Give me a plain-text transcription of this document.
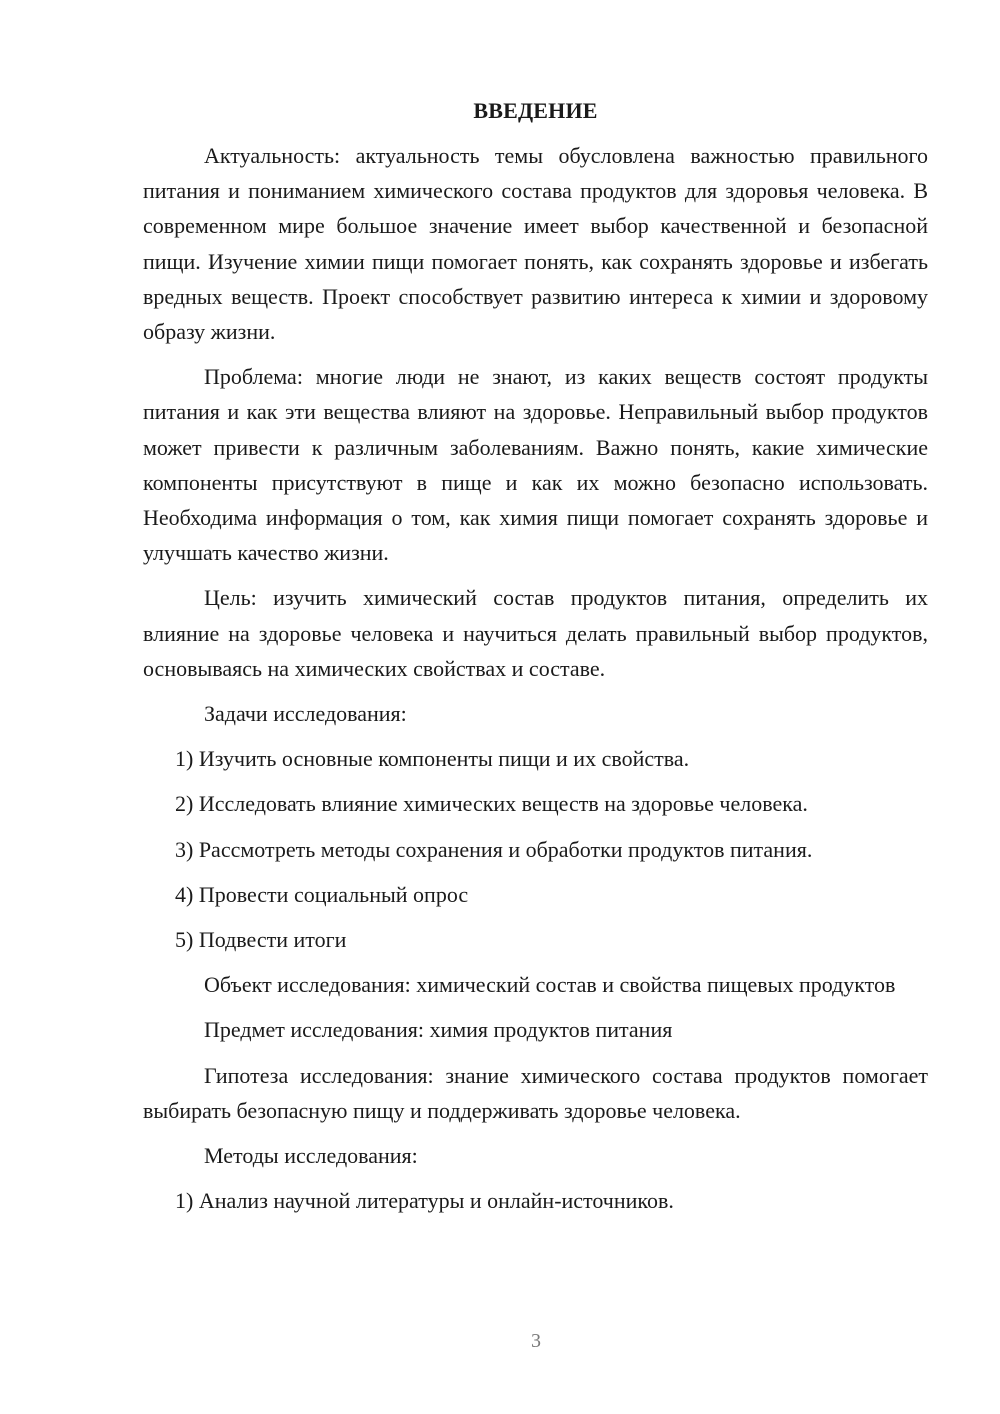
ВВЕДЕНИЕ

Актуальность: актуальность темы обусловлена важностью правильного питания и пониманием химического состава продуктов для здоровья человека. В современном мире большое значение имеет выбор качественной и безопасной пищи. Изучение химии пищи помогает понять, как сохранять здоровье и избегать вредных веществ. Проект способствует развитию интереса к химии и здоровому образу жизни.

Проблема: многие люди не знают, из каких веществ состоят продукты питания и как эти вещества влияют на здоровье. Неправильный выбор продуктов может привести к различным заболеваниям. Важно понять, какие химические компоненты присутствуют в пище и как их можно безопасно использовать. Необходима информация о том, как химия пищи помогает сохранять здоровье и улучшать качество жизни.

Цель: изучить химический состав продуктов питания, определить их влияние на здоровье человека и научиться делать правильный выбор продуктов, основываясь на химических свойствах и составе.

Задачи исследования:

1) Изучить основные компоненты пищи и их свойства.
2) Исследовать влияние химических веществ на здоровье человека.
3) Рассмотреть методы сохранения и обработки продуктов питания.
4) Провести социальный опрос
5) Подвести итоги

Объект исследования: химический состав и свойства пищевых продуктов

Предмет исследования: химия продуктов питания

Гипотеза исследования: знание химического состава продуктов помогает выбирать безопасную пищу и поддерживать здоровье человека.

Методы исследования:

1) Анализ научной литературы и онлайн-источников.
3
